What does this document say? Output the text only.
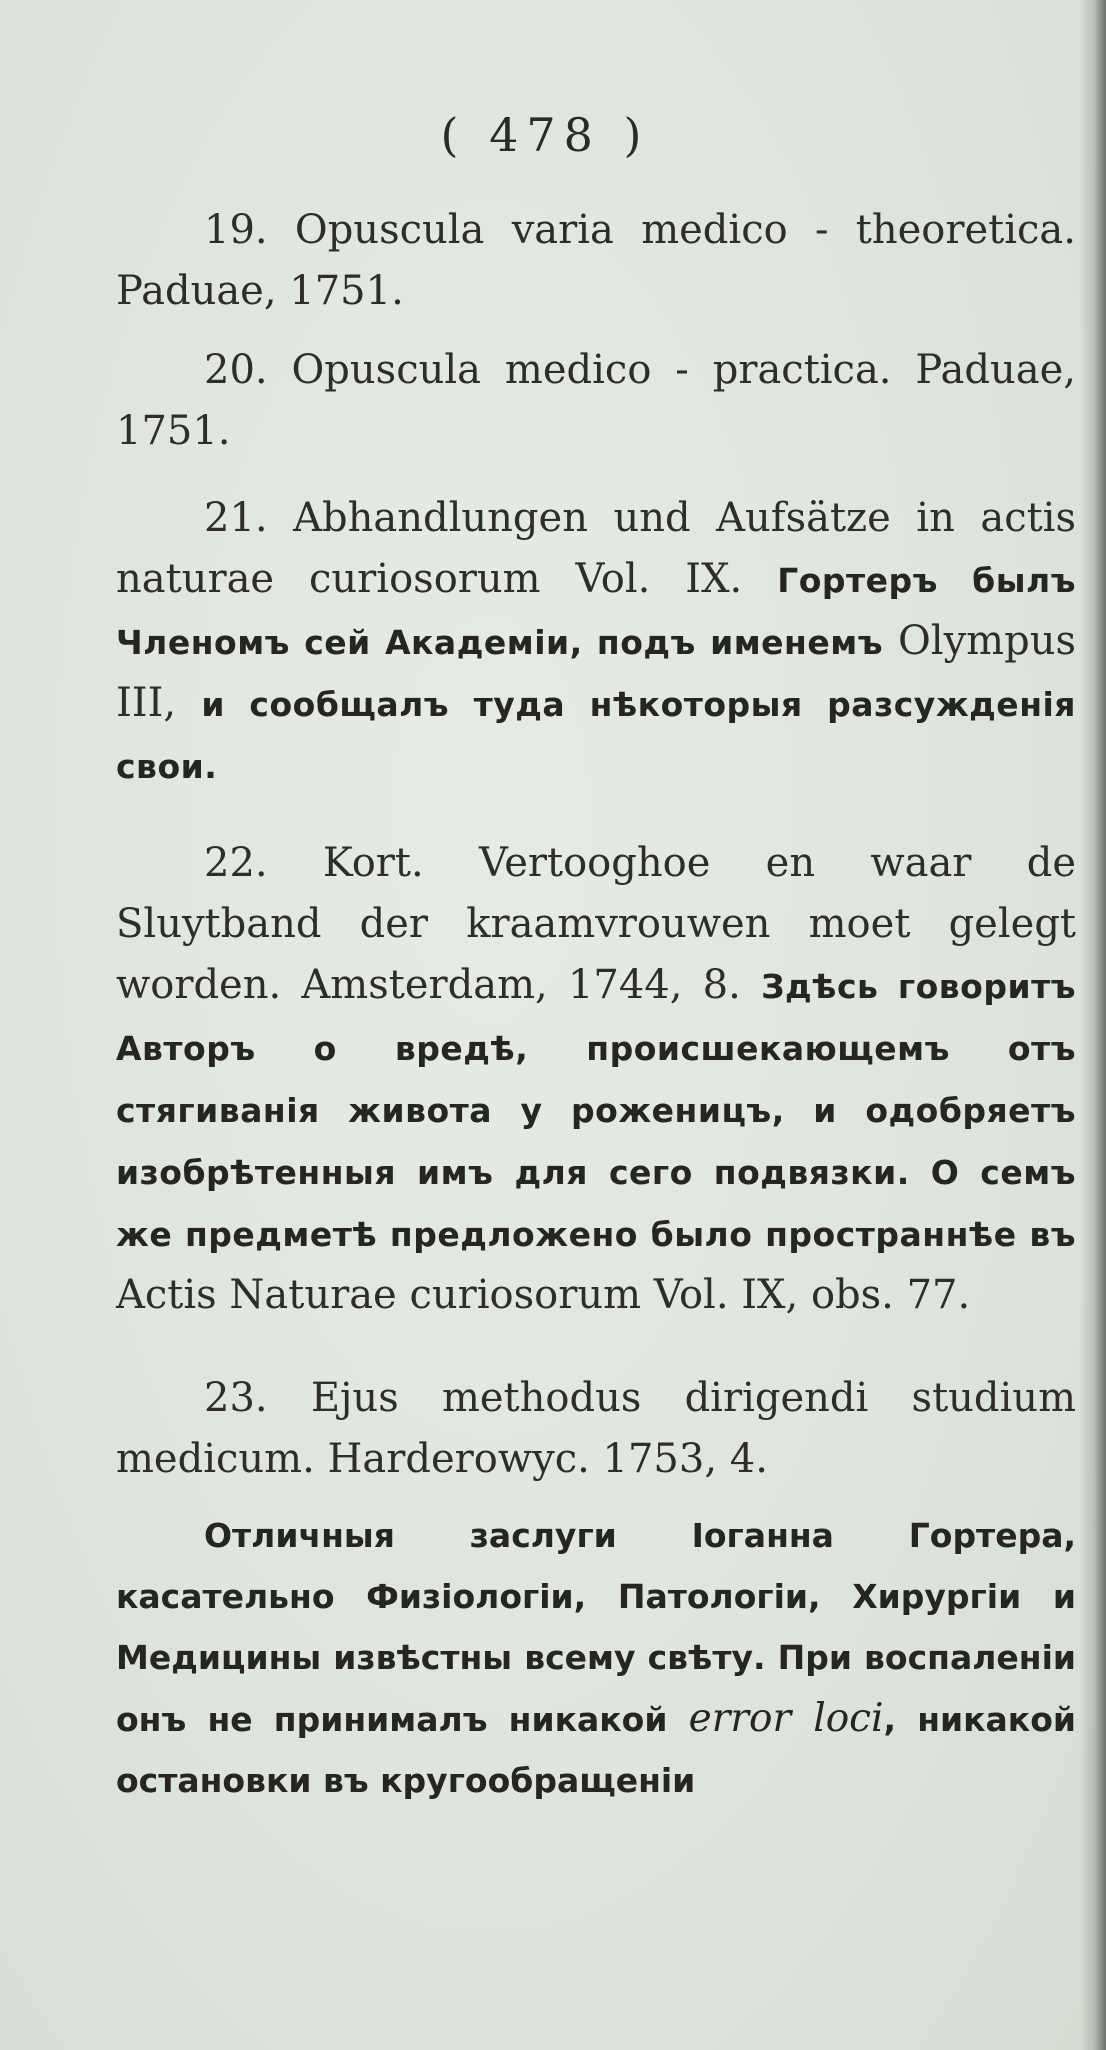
( 478 )

19. Opuscula varia medico - theoretica. Paduae, 1751.

20. Opuscula medico - practica. Paduae, 1751.

21. Abhandlungen und Aufsätze in actis naturae curiosorum Vol. IX. Гортеръ былъ Членомъ сей Академіи, подъ именемъ Olympus III, и сообщалъ туда нѣкоторыя разсужденія свои.

22. Kort. Vertooghoe en waar de Sluytband der kraamvrouwen moet gelegt worden. Amsterdam, 1744, 8. Здѣсь говоритъ Авторъ о вредѣ, происшекающемъ отъ стягиванія живота у роженицъ, и одобряетъ изобрѣтенныя имъ для сего подвязки. О семъ же предметѣ предложено было пространнѣе въ Actis Naturae curiosorum Vol. IX, obs. 77.

23. Ejus methodus dirigendi studium medicum. Harderowyc. 1753, 4.

Отличныя заслуги Іоганна Гортера, касательно Физіологіи, Патологіи, Хирургіи и Медицины извѣстны всему свѣту. При воспаленіи онъ не принималъ никакой error loci, никакой остановки въ кругообращеніи
